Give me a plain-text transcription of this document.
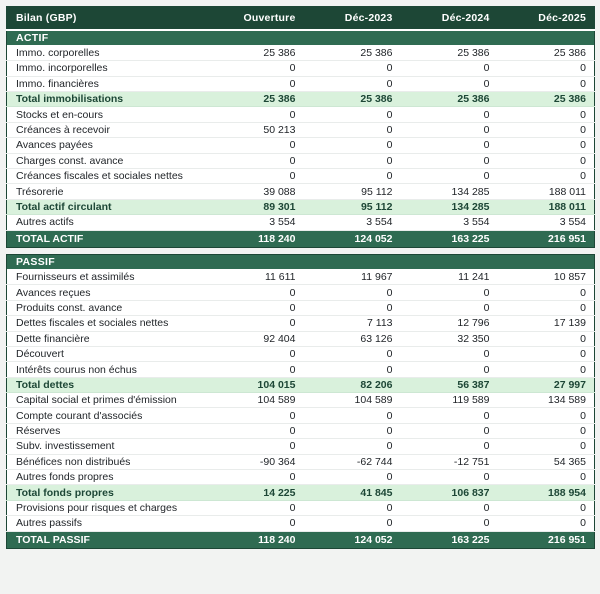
Bilan (GBP)	Ouverture	Déc-2023	Déc-2024	Déc-2025
ACTIF				
Immo. corporelles	25 386	25 386	25 386	25 386
Immo. incorporelles	0	0	0	0
Immo. financières	0	0	0	0
Total immobilisations	25 386	25 386	25 386	25 386
Stocks et en-cours	0	0	0	0
Créances à recevoir	50 213	0	0	0
Avances payées	0	0	0	0
Charges const. avance	0	0	0	0
Créances fiscales et sociales nettes	0	0	0	0
Trésorerie	39 088	95 112	134 285	188 011
Total actif circulant	89 301	95 112	134 285	188 011
Autres actifs	3 554	3 554	3 554	3 554
TOTAL ACTIF	118 240	124 052	163 225	216 951
PASSIF				
Fournisseurs et assimilés	11 611	11 967	11 241	10 857
Avances reçues	0	0	0	0
Produits const. avance	0	0	0	0
Dettes fiscales et sociales nettes	0	7 113	12 796	17 139
Dette financière	92 404	63 126	32 350	0
Découvert	0	0	0	0
Intérêts courus non échus	0	0	0	0
Total dettes	104 015	82 206	56 387	27 997
Capital social et primes d'émission	104 589	104 589	119 589	134 589
Compte courant d'associés	0	0	0	0
Réserves	0	0	0	0
Subv. investissement	0	0	0	0
Bénéfices non distribués	-90 364	-62 744	-12 751	54 365
Autres fonds propres	0	0	0	0
Total fonds propres	14 225	41 845	106 837	188 954
Provisions pour risques et charges	0	0	0	0
Autres passifs	0	0	0	0
TOTAL PASSIF	118 240	124 052	163 225	216 951
